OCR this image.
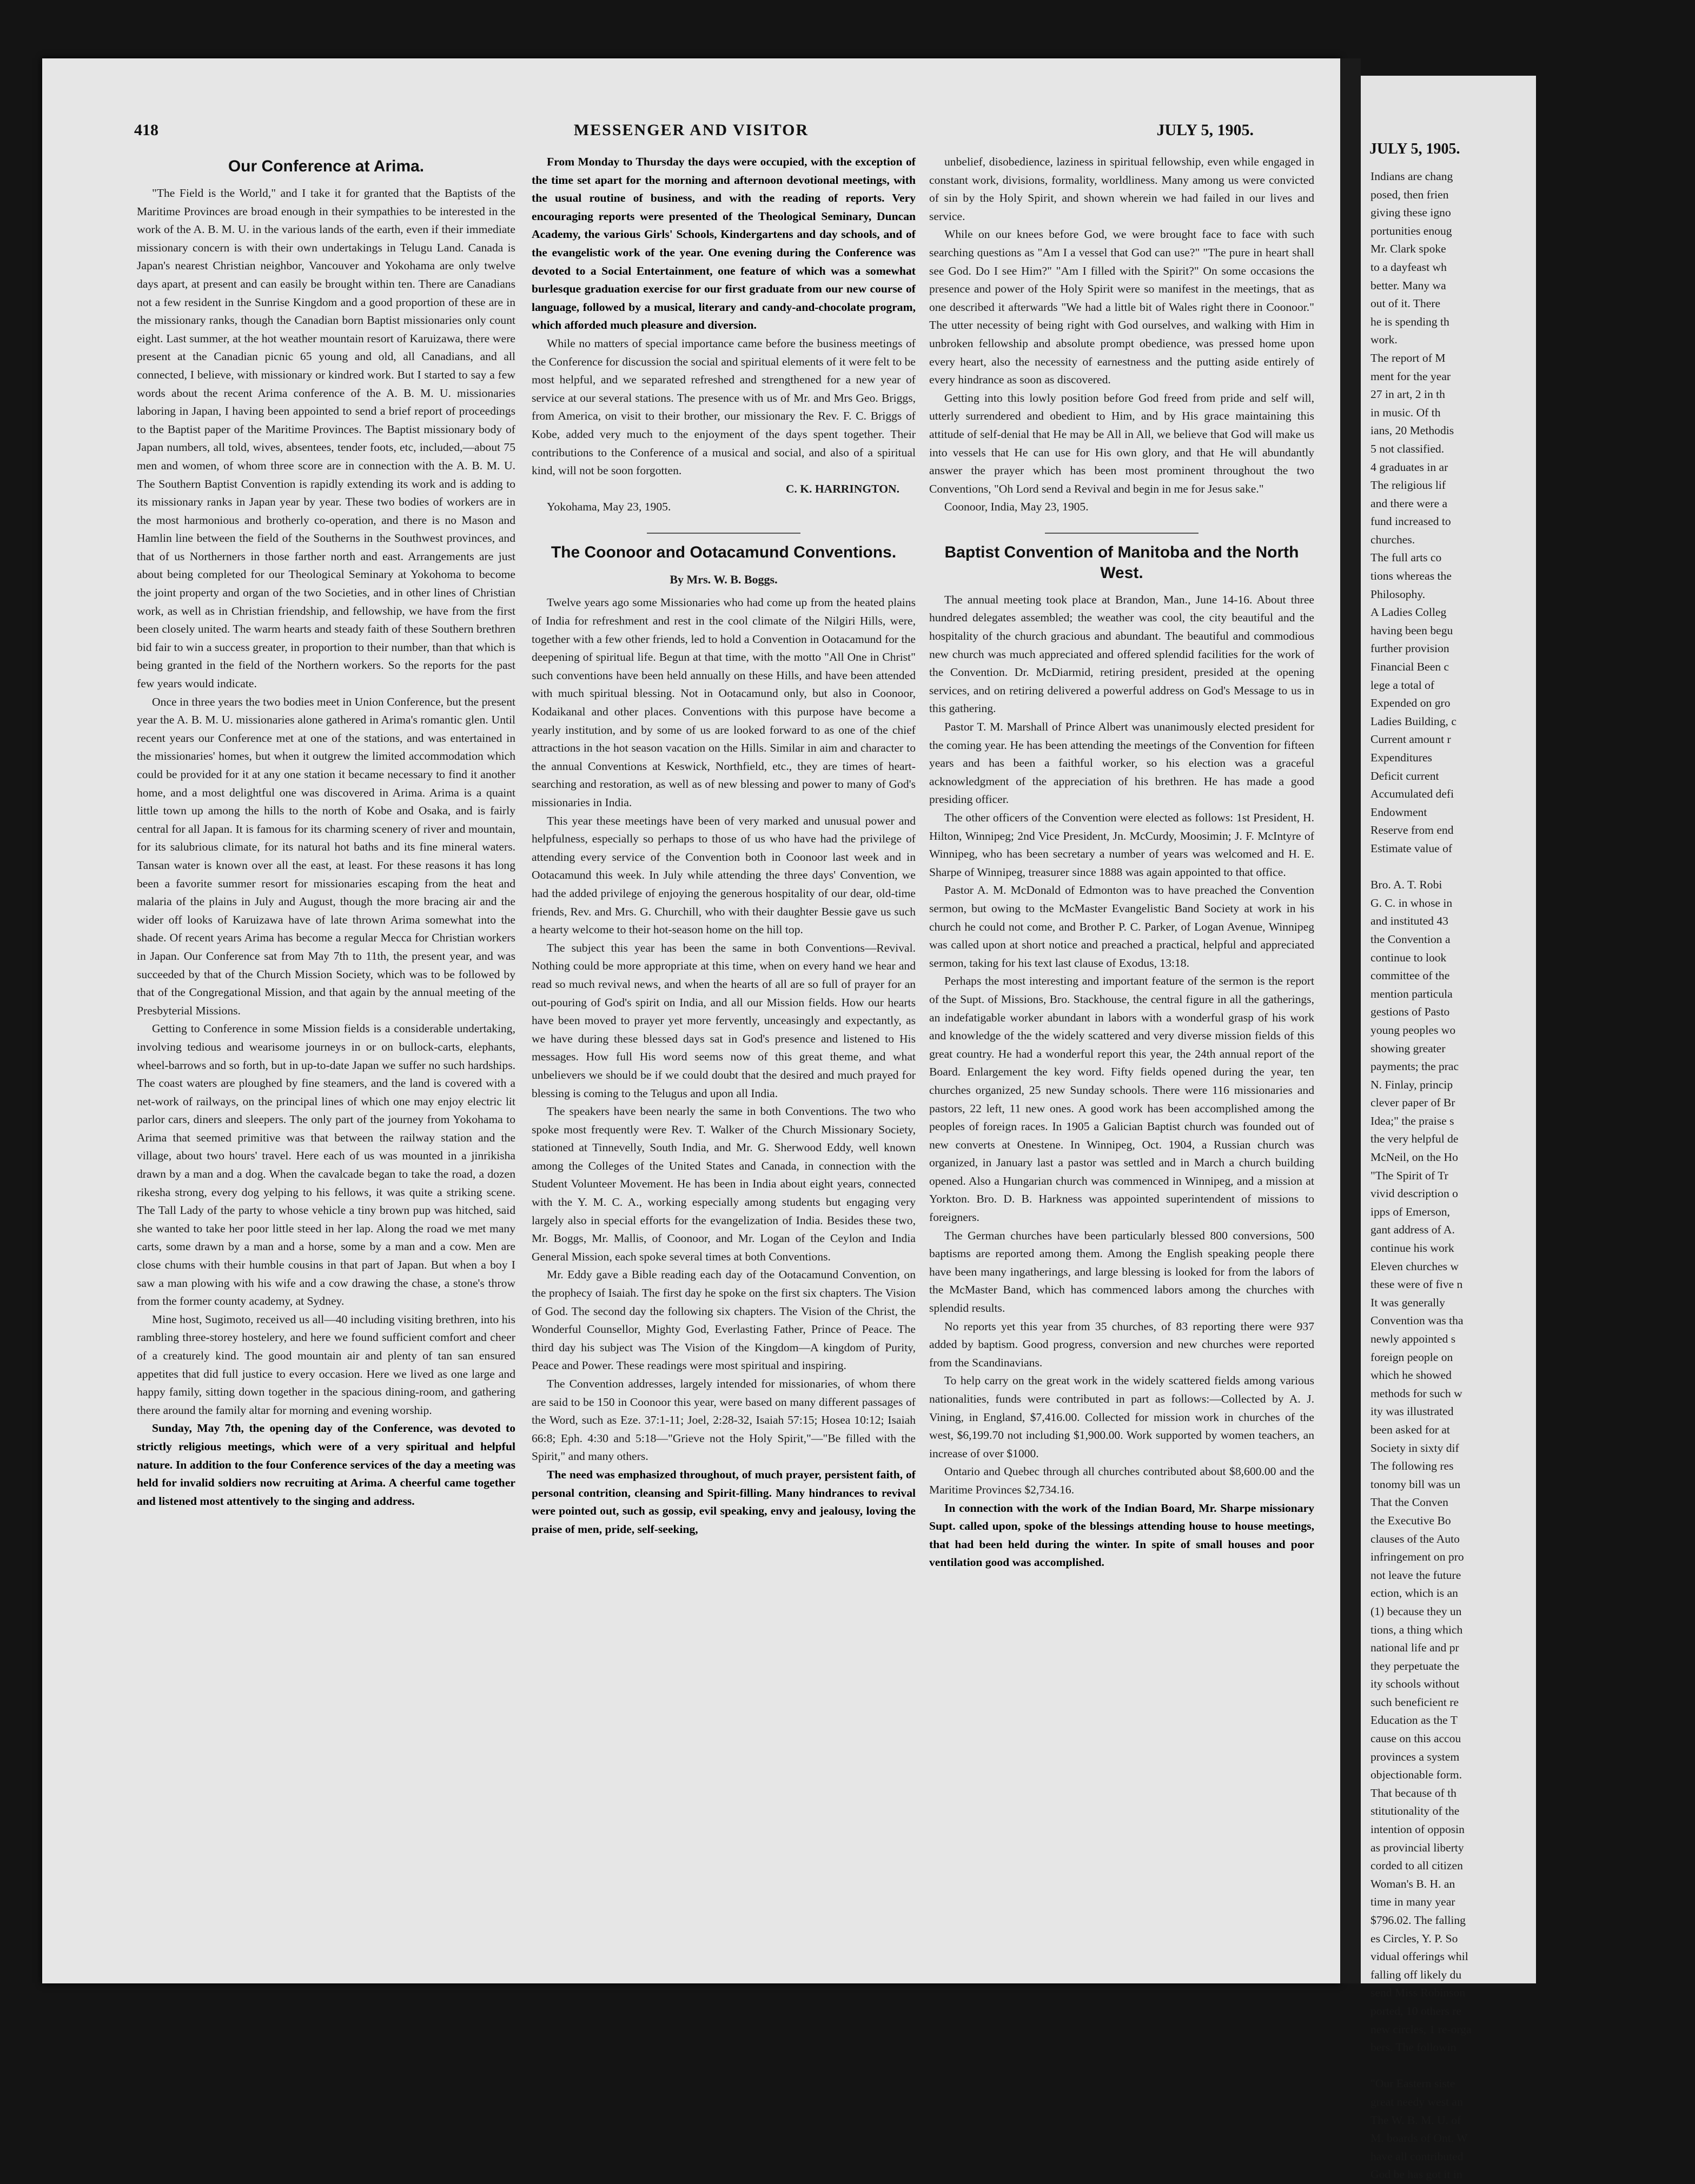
418	MESSENGER AND VISITOR	JULY 5, 1905.
Our Conference at Arima.

"The Field is the World," and I take it for granted that the Baptists of the Maritime Provinces are broad enough in their sympathies to be interested in the work of the A. B. M. U. in the various lands of the earth, even if their immediate missionary concern is with their own undertakings in Telugu Land. Canada is Japan's nearest Christian neighbor, Vancouver and Yokohama are only twelve days apart, at present and can easily be brought within ten. There are Canadians not a few resident in the Sunrise Kingdom and a good proportion of these are in the missionary ranks, though the Canadian born Baptist missionaries only count eight. Last summer, at the hot weather mountain resort of Karuizawa, there were present at the Canadian picnic 65 young and old, all Canadians, and all connected, I believe, with missionary or kindred work. But I started to say a few words about the recent Arima conference of the A. B. M. U. missionaries laboring in Japan, I having been appointed to send a brief report of proceedings to the Baptist paper of the Maritime Provinces. The Baptist missionary body of Japan numbers, all told, wives, absentees, tender foots, etc, included,—about 75 men and women, of whom three score are in connection with the A. B. M. U. The Southern Baptist Convention is rapidly extending its work and is adding to its missionary ranks in Japan year by year. These two bodies of workers are in the most harmonious and brotherly co-operation, and there is no Mason and Hamlin line between the field of the Southerns in the Southwest provinces, and that of us Northerners in those farther north and east. Arrangements are just about being completed for our Theological Seminary at Yokohoma to become the joint property and organ of the two Societies, and in other lines of Christian work, as well as in Christian friendship, and fellowship, we have from the first been closely united. The warm hearts and steady faith of these Southern brethren bid fair to win a success greater, in proportion to their number, than that which is being granted in the field of the Northern workers. So the reports for the past few years would indicate.

Once in three years the two bodies meet in Union Conference, but the present year the A. B. M. U. missionaries alone gathered in Arima's romantic glen. Until recent years our Conference met at one of the stations, and was entertained in the missionaries' homes, but when it outgrew the limited accommodation which could be provided for it at any one station it became necessary to find it another home, and a most delightful one was discovered in Arima. Arima is a quaint little town up among the hills to the north of Kobe and Osaka, and is fairly central for all Japan. It is famous for its charming scenery of river and mountain, for its salubrious climate, for its natural hot baths and its fine mineral waters. Tansan water is known over all the east, at least. For these reasons it has long been a favorite summer resort for missionaries escaping from the heat and malaria of the plains in July and August, though the more bracing air and the wider off looks of Karuizawa have of late thrown Arima somewhat into the shade. Of recent years Arima has become a regular Mecca for Christian workers in Japan. Our Conference sat from May 7th to 11th, the present year, and was succeeded by that of the Church Mission Society, which was to be followed by that of the Congregational Mission, and that again by the annual meeting of the Presbyterial Missions.

Getting to Conference in some Mission fields is a considerable undertaking, involving tedious and wearisome journeys in or on bullock-carts, elephants, wheel-barrows and so forth, but in up-to-date Japan we suffer no such hardships. The coast waters are ploughed by fine steamers, and the land is covered with a net-work of railways, on the principal lines of which one may enjoy electric lit parlor cars, diners and sleepers. The only part of the journey from Yokohama to Arima that seemed primitive was that between the railway station and the village, about two hours' travel. Here each of us was mounted in a jinrikisha drawn by a man and a dog. When the cavalcade began to take the road, a dozen rikesha strong, every dog yelping to his fellows, it was quite a striking scene. The Tall Lady of the party to whose vehicle a tiny brown pup was hitched, said she wanted to take her poor little steed in her lap. Along the road we met many carts, some drawn by a man and a horse, some by a man and a cow. Men are close chums with their humble cousins in that part of Japan. But when a boy I saw a man plowing with his wife and a cow drawing the chase, a stone's throw from the former county academy, at Sydney.

Mine host, Sugimoto, received us all—40 including visiting brethren, into his rambling three-storey hostelery, and here we found sufficient comfort and cheer of a creaturely kind. The good mountain air and plenty of tan san ensured appetites that did full justice to every occasion. Here we lived as one large and happy family, sitting down together in the spacious dining-room, and gathering there around the family altar for morning and evening worship.

Sunday, May 7th, the opening day of the Conference, was devoted to strictly religious meetings, which were of a very spiritual and helpful nature. In addition to the four Conference services of the day a meeting was held for invalid soldiers now recruiting at Arima. A cheerful came together and listened most attentively to the singing and address.

From Monday to Thursday the days were occupied, with the exception of the time set apart for the morning and afternoon devotional meetings, with the usual routine of business, and with the reading of reports. Very encouraging reports were presented of the Theological Seminary, Duncan Academy, the various Girls' Schools, Kindergartens and day schools, and of the evangelistic work of the year. One evening during the Conference was devoted to a Social Entertainment, one feature of which was a somewhat burlesque graduation exercise for our first graduate from our new course of language, followed by a musical, literary and candy-and-chocolate program, which afforded much pleasure and diversion.

While no matters of special importance came before the business meetings of the Conference for discussion the social and spiritual elements of it were felt to be most helpful, and we separated refreshed and strengthened for a new year of service at our several stations. The presence with us of Mr. and Mrs Geo. Briggs, from America, on visit to their brother, our missionary the Rev. F. C. Briggs of Kobe, added very much to the enjoyment of the days spent together. Their contributions to the Conference of a musical and social, and also of a spiritual kind, will not be soon forgotten.

C. K. HARRINGTON.
Yokohama, May 23, 1905.
The Coonoor and Ootacamund Conventions.
By Mrs. W. B. Boggs.

Twelve years ago some Missionaries who had come up from the heated plains of India for refreshment and rest in the cool climate of the Nilgiri Hills, were, together with a few other friends, led to hold a Convention in Ootacamund for the deepening of spiritual life. Begun at that time, with the motto "All One in Christ" such conventions have been held annually on these Hills, and have been attended with much spiritual blessing. Not in Ootacamund only, but also in Coonoor, Kodaikanal and other places. Conventions with this purpose have become a yearly institution, and by some of us are looked forward to as one of the chief attractions in the hot season vacation on the Hills. Similar in aim and character to the annual Conventions at Keswick, Northfield, etc., they are times of heart-searching and restoration, as well as of new blessing and power to many of God's missionaries in India.

This year these meetings have been of very marked and unusual power and helpfulness, especially so perhaps to those of us who have had the privilege of attending every service of the Convention both in Coonoor last week and in Ootacamund this week. In July while attending the three days' Convention, we had the added privilege of enjoying the generous hospitality of our dear, old-time friends, Rev. and Mrs. G. Churchill, who with their daughter Bessie gave us such a hearty welcome to their hot-season home on the hill top.

The subject this year has been the same in both Conventions—Revival. Nothing could be more appropriate at this time, when on every hand we hear and read so much revival news, and when the hearts of all are so full of prayer for an out-pouring of God's spirit on India, and all our Mission fields. How our hearts have been moved to prayer yet more fervently, unceasingly and expectantly, as we have during these blessed days sat in God's presence and listened to His messages. How full His word seems now of this great theme, and what unbelievers we should be if we could doubt that the desired and much prayed for blessing is coming to the Telugus and upon all India.

The speakers have been nearly the same in both Conventions. The two who spoke most frequently were Rev. T. Walker of the Church Missionary Society, stationed at Tinnevelly, South India, and Mr. G. Sherwood Eddy, well known among the Colleges of the United States and Canada, in connection with the Student Volunteer Movement. He has been in India about eight years, connected with the Y. M. C. A., working especially among students but engaging very largely also in special efforts for the evangelization of India. Besides these two, Mr. Boggs, Mr. Mallis, of Coonoor, and Mr. Logan of the Ceylon and India General Mission, each spoke several times at both Conventions.

Mr. Eddy gave a Bible reading each day of the Ootacamund Convention, on the prophecy of Isaiah. The first day he spoke on the first six chapters. The Vision of God. The second day the following six chapters. The Vision of the Christ, the Wonderful Counsellor, Mighty God, Everlasting Father, Prince of Peace. The third day his subject was The Vision of the Kingdom—A kingdom of Purity, Peace and Power. These readings were most spiritual and inspiring.

The Convention addresses, largely intended for missionaries, of whom there are said to be 150 in Coonoor this year, were based on many different passages of the Word, such as Eze. 37:1-11; Joel, 2:28-32, Isaiah 57:15; Hosea 10:12; Isaiah 66:8; Eph. 4:30 and 5:18—"Grieve not the Holy Spirit,"—"Be filled with the Spirit," and many others.

The need was emphasized throughout, of much prayer, persistent faith, of personal contrition, cleansing and Spirit-filling. Many hindrances to revival were pointed out, such as gossip, evil speaking, envy and jealousy, loving the praise of men, pride, self-seeking,

unbelief, disobedience, laziness in spiritual fellowship, even while engaged in constant work, divisions, formality, worldliness. Many among us were convicted of sin by the Holy Spirit, and shown wherein we had failed in our lives and service.

While on our knees before God, we were brought face to face with such searching questions as "Am I a vessel that God can use?" "The pure in heart shall see God. Do I see Him?" "Am I filled with the Spirit?" On some occasions the presence and power of the Holy Spirit were so manifest in the meetings, that as one described it afterwards "We had a little bit of Wales right there in Coonoor." The utter necessity of being right with God ourselves, and walking with Him in unbroken fellowship and absolute prompt obedience, was pressed home upon every heart, also the necessity of earnestness and the putting aside entirely of every hindrance as soon as discovered.

Getting into this lowly position before God freed from pride and self will, utterly surrendered and obedient to Him, and by His grace maintaining this attitude of self-denial that He may be All in All, we believe that God will make us into vessels that He can use for His own glory, and that He will abundantly answer the prayer which has been most prominent throughout the two Conventions, "Oh Lord send a Revival and begin in me for Jesus sake."

Coonoor, India, May 23, 1905.
Baptist Convention of Manitoba and the North West.

The annual meeting took place at Brandon, Man., June 14-16. About three hundred delegates assembled; the weather was cool, the city beautiful and the hospitality of the church gracious and abundant. The beautiful and commodious new church was much appreciated and offered splendid facilities for the work of the Convention. Dr. McDiarmid, retiring president, presided at the opening services, and on retiring delivered a powerful address on God's Message to us in this gathering.

Pastor T. M. Marshall of Prince Albert was unanimously elected president for the coming year. He has been attending the meetings of the Convention for fifteen years and has been a faithful worker, so his election was a graceful acknowledgment of the appreciation of his brethren. He has made a good presiding officer.

The other officers of the Convention were elected as follows: 1st President, H. Hilton, Winnipeg; 2nd Vice President, Jn. McCurdy, Moosimin; J. F. McIntyre of Winnipeg, who has been secretary a number of years was welcomed and H. E. Sharpe of Winnipeg, treasurer since 1888 was again appointed to that office.

Pastor A. M. McDonald of Edmonton was to have preached the Convention sermon, but owing to the McMaster Evangelistic Band Society at work in his church he could not come, and Brother P. C. Parker, of Logan Avenue, Winnipeg was called upon at short notice and preached a practical, helpful and appreciated sermon, taking for his text last clause of Exodus, 13:18.

Perhaps the most interesting and important feature of the sermon is the report of the Supt. of Missions, Bro. Stackhouse, the central figure in all the gatherings, an indefatigable worker abundant in labors with a wonderful grasp of his work and knowledge of the the widely scattered and very diverse mission fields of this great country. He had a wonderful report this year, the 24th annual report of the Board. Enlargement the key word. Fifty fields opened during the year, ten churches organized, 25 new Sunday schools. There were 116 missionaries and pastors, 22 left, 11 new ones. A good work has been accomplished among the peoples of foreign races. In 1905 a Galician Baptist church was founded out of new converts at Onestene. In Winnipeg, Oct. 1904, a Russian church was organized, in January last a pastor was settled and in March a church building opened. Also a Hungarian church was commenced in Winnipeg, and a mission at Yorkton. Bro. D. B. Harkness was appointed superintendent of missions to foreigners.

The German churches have been particularly blessed 800 conversions, 500 baptisms are reported among them. Among the English speaking people there have been many ingatherings, and large blessing is looked for from the labors of the McMaster Band, which has commenced labors among the churches with splendid results.

No reports yet this year from 35 churches, of 83 reporting there were 937 added by baptism. Good progress, conversion and new churches were reported from the Scandinavians.

To help carry on the great work in the widely scattered fields among various nationalities, funds were contributed in part as follows:—Collected by A. J. Vining, in England, $7,416.00. Collected for mission work in churches of the west, $6,199.70 not including $1,900.00. Work supported by women teachers, an increase of over $1000.

Ontario and Quebec through all churches contributed about $8,600.00 and the Maritime Provinces $2,734.16.

In connection with the work of the Indian Board, Mr. Sharpe missionary Supt. called upon, spoke of the blessings attending house to house meetings, that had been held during the winter. In spite of small houses and poor ventilation good was accomplished.

JULY 5, 1905.
Indians are chang
posed, then frien
giving these igno
portunities enoug
Mr. Clark spoke
to a dayfeast wh
better. Many wa
out of it. There
he is spending th
work.
The report of M
ment for the year
27 in art, 2 in th
in music. Of th
ians, 20 Methodis
5 not classified.
4 graduates in ar
The religious lif
and there were a
fund increased to
churches.
The full arts co
tions whereas the
Philosophy.
A Ladies Colleg
having been begu
further provision
Financial Been c
lege a total of
Expended on gro
Ladies Building, c
Current amount r
Expenditures
Deficit current
Accumulated defi
Endowment
Reserve from end
Estimate value of
Bro. A. T. Robi
G. C. in whose in
and instituted 43
the Convention a
continue to look
committee of the
mention particula
gestions of Pasto
young peoples wo
showing greater
payments; the prac
N. Finlay, princip
clever paper of Br
Idea;" the praise s
the very helpful de
McNeil, on the Ho
"The Spirit of Tr
vivid description o
ipps of Emerson,
gant address of A.
continue his work
Eleven churches w
these were of five n
It was generally
Convention was tha
newly appointed s
foreign people on
which he showed
methods for such w
ity was illustrated
been asked for at
Society in sixty dif
The following res
tonomy bill was un
That the Conven
the Executive Bo
clauses of the Auto
infringement on pro
not leave the future
ection, which is an
(1) because they un
tions, a thing which
national life and pr
they perpetuate the
ity schools without
such beneficient re
Education as the T
cause on this accou
provinces a system
objectionable form.
That because of th
stitutionality of the
intention of opposin
as provincial liberty
corded to all citizen
Woman's B. H. an
time in many year
$796.02. The falling
es Circles, Y. P. So
vidual offerings whil
falling off likely du
send Miss Robinson
ported, 10 others re
new circles, 1 re-orga
bers. The followin
"Our Eastern siste
great needy west an
The W. B. M. U. of
M. boards of Ont. W
have all contributed
God be has got it in
